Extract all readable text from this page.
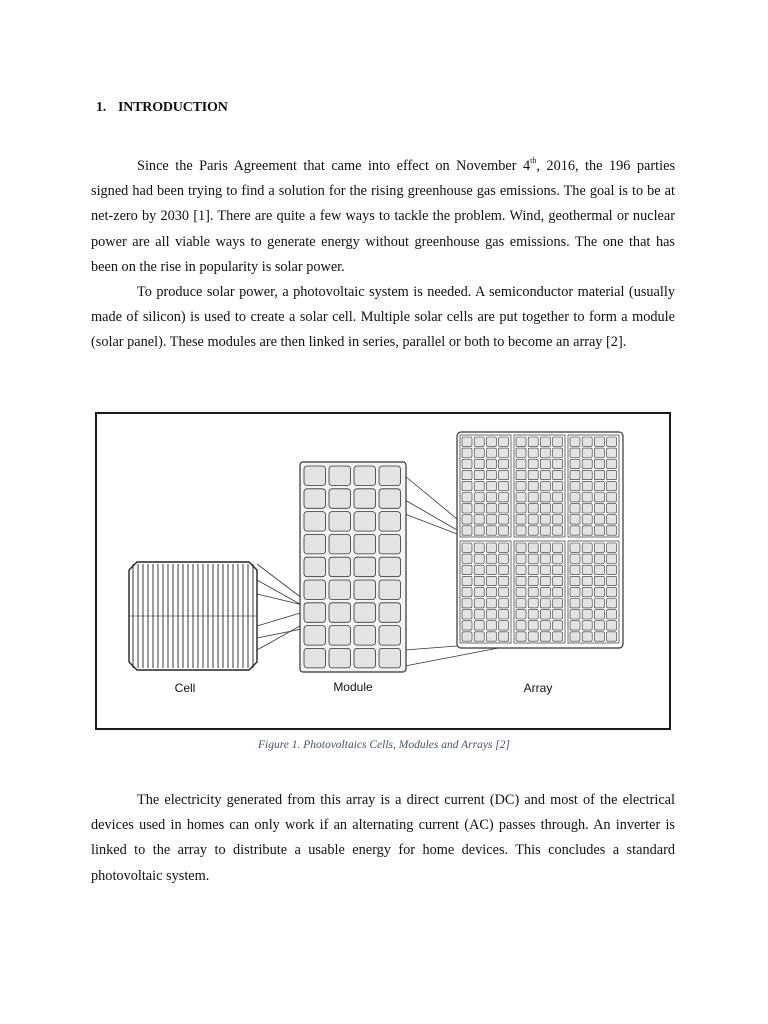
1. INTRODUCTION

Since the Paris Agreement that came into effect on November 4th, 2016, the 196 parties signed had been trying to find a solution for the rising greenhouse gas emissions. The goal is to be at net-zero by 2030 [1]. There are quite a few ways to tackle the problem. Wind, geothermal or nuclear power are all viable ways to generate energy without greenhouse gas emissions. The one that has been on the rise in popularity is solar power.

To produce solar power, a photovoltaic system is needed. A semiconductor material (usually made of silicon) is used to create a solar cell. Multiple solar cells are put together to form a module (solar panel). These modules are then linked in series, parallel or both to become an array [2].

Cell	Module	Array
Figure 1. Photovoltaics Cells, Modules and Arrays [2]

The electricity generated from this array is a direct current (DC) and most of the electrical devices used in homes can only work if an alternating current (AC) passes through. An inverter is linked to the array to distribute a usable energy for home devices. This concludes a standard photovoltaic system.
